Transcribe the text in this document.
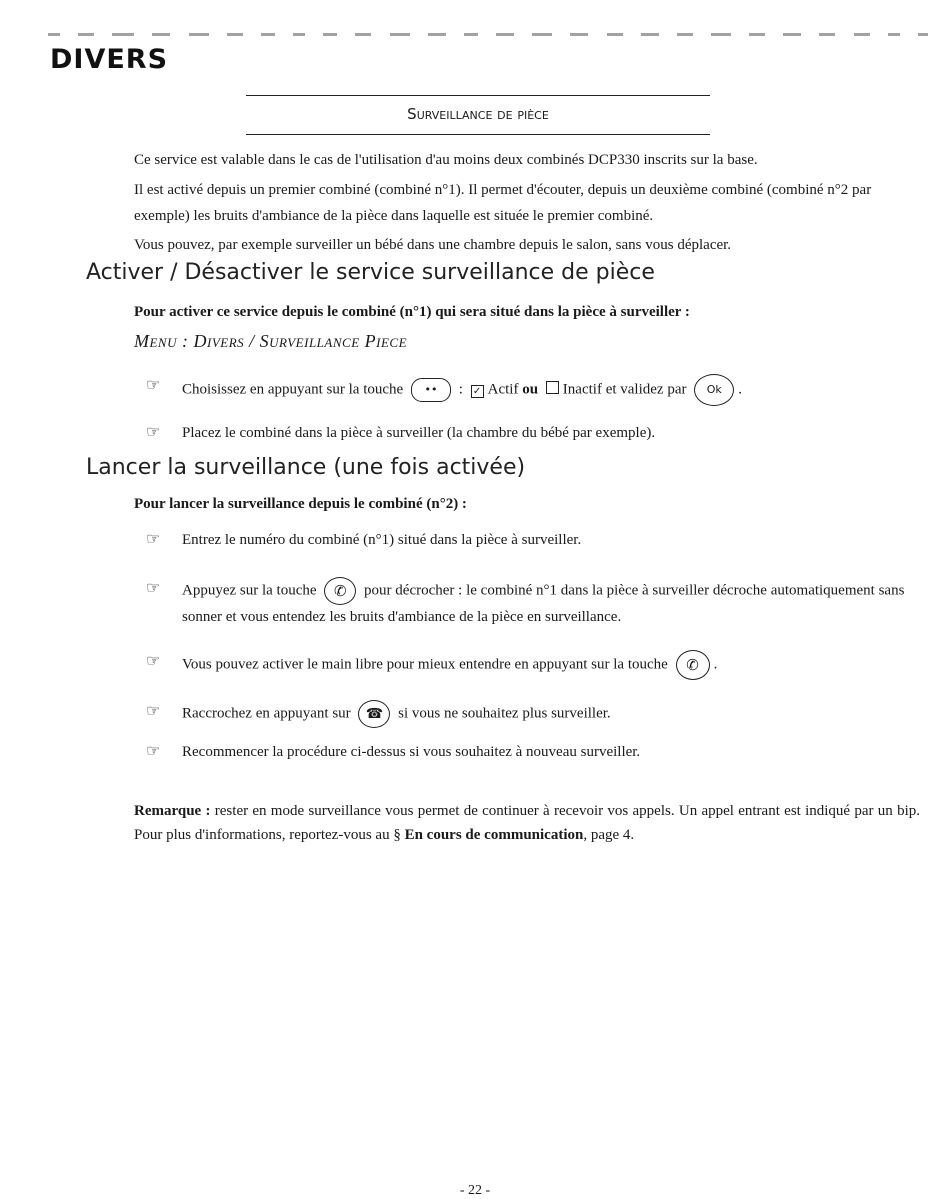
DIVERS
Surveillance de pièce
Ce service est valable dans le cas de l'utilisation d'au moins deux combinés DCP330 inscrits sur la base.
Il est activé depuis un premier combiné (combiné n°1). Il permet d'écouter, depuis un deuxième combiné (combiné n°2 par exemple) les bruits d'ambiance de la pièce dans laquelle est située le premier combiné.
Vous pouvez, par exemple surveiller un bébé dans une chambre depuis le salon, sans vous déplacer.
Activer / Désactiver le service surveillance de pièce
Pour activer ce service depuis le combiné (n°1) qui sera situé dans la pièce à surveiller :
Menu : Divers / Surveillance Piece
☞ Choisissez en appuyant sur la touche •• : ✓ Actif ou Inactif et validez par Ok .
☞ Placez le combiné dans la pièce à surveiller (la chambre du bébé par exemple).
Lancer la surveillance (une fois activée)
Pour lancer la surveillance depuis le combiné (n°2) :
☞ Entrez le numéro du combiné (n°1) situé dans la pièce à surveiller.
☞ Appuyez sur la touche ✆ pour décrocher : le combiné n°1 dans la pièce à surveiller décroche automatiquement sans sonner et vous entendez les bruits d'ambiance de la pièce en surveillance.
☞ Vous pouvez activer le main libre pour mieux entendre en appuyant sur la touche ✆ .
☞ Raccrochez en appuyant sur ☎ si vous ne souhaitez plus surveiller.
☞ Recommencer la procédure ci-dessus si vous souhaitez à nouveau surveiller.
Remarque : rester en mode surveillance vous permet de continuer à recevoir vos appels. Un appel entrant est indiqué par un bip. Pour plus d'informations, reportez-vous au § En cours de communication, page 4.
- 22 -
